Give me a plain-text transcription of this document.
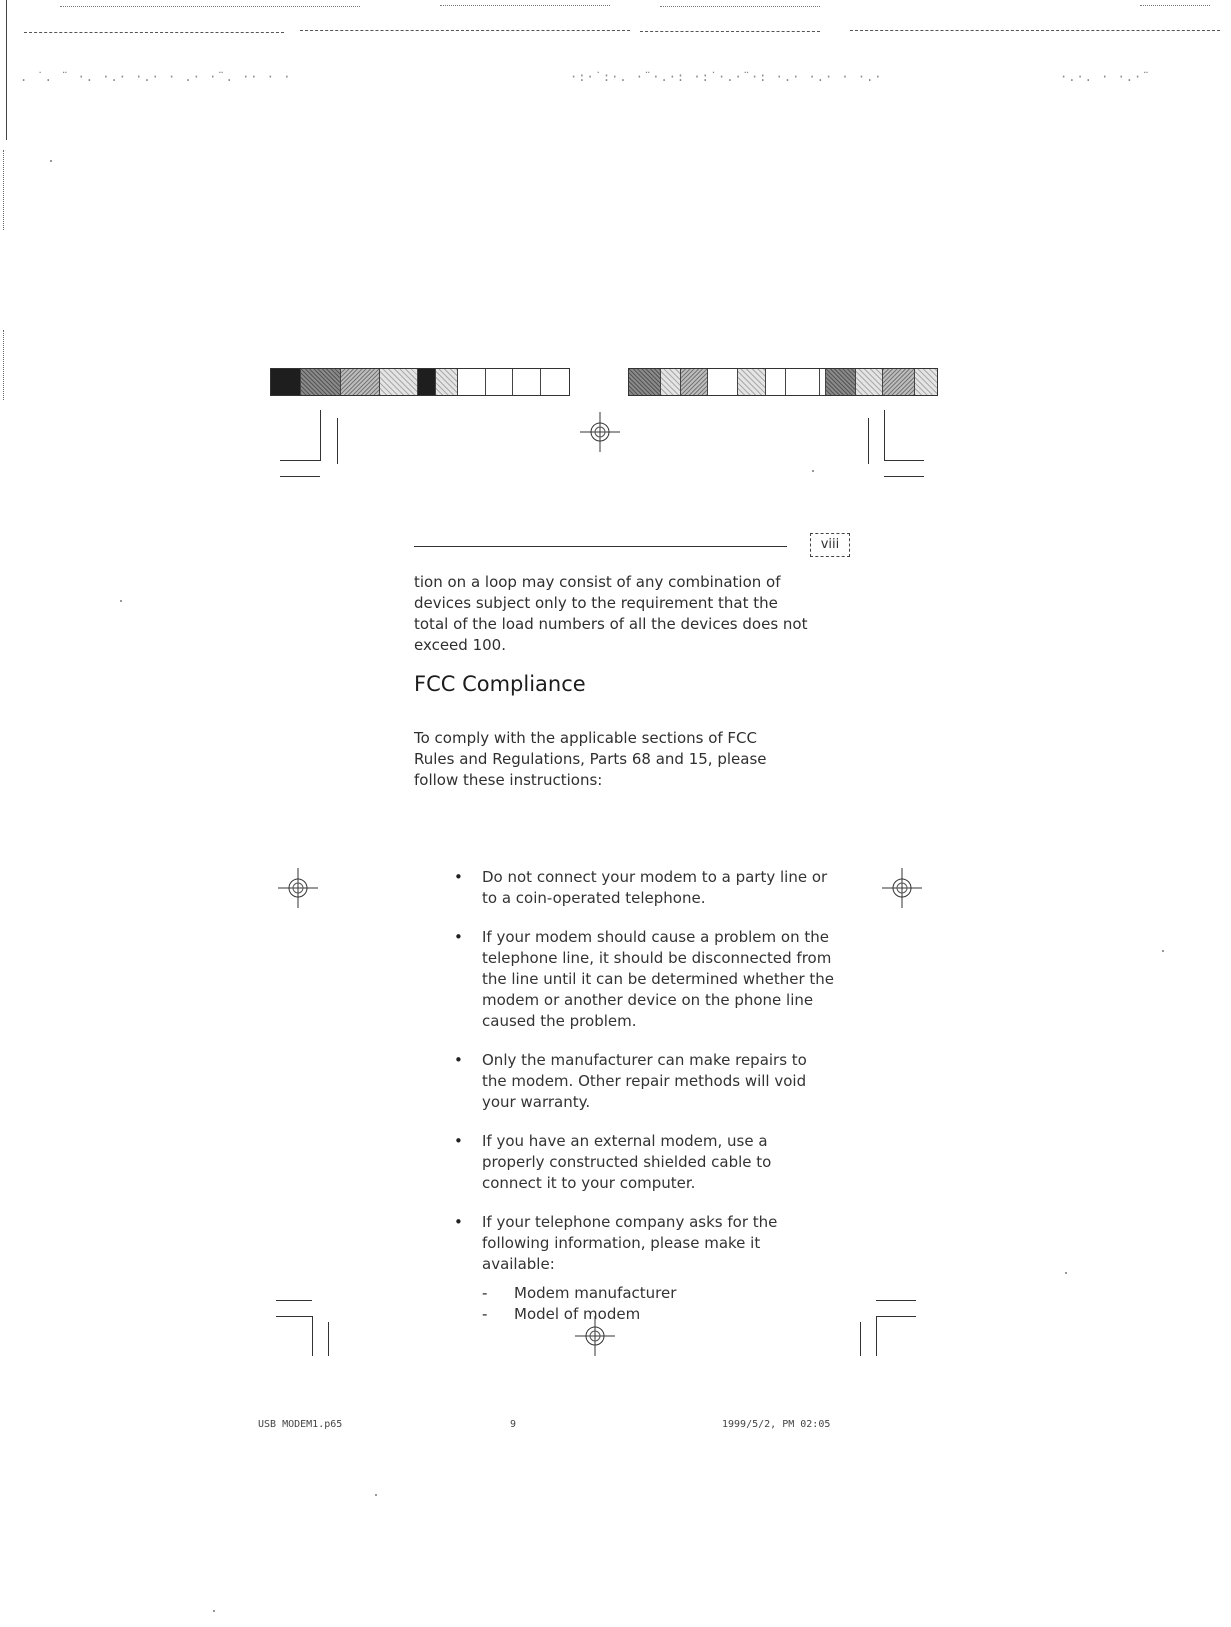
. ˙. ¨ ·. ·.· ·.· · .· ·¨. ·· · ·	·:·˙:·. ·¨·.·: ·:˙·.·¨·: ·.· ·.· · ·.·	·.·. · ·.·¨
viii

tion on a loop may consist of any combination of devices subject only to the requirement that the total of the load numbers of all the devices does not exceed 100.

FCC Compliance

To comply with the applicable sections of FCC Rules and Regulations, Parts 68 and 15, please follow these instructions:

• Do not connect your modem to a party line or to a coin-operated telephone.
• If your modem should cause a problem on the telephone line, it should be disconnected from the line until it can be determined whether the modem or another device on the phone line caused the problem.
• Only the manufacturer can make repairs to the modem. Other repair methods will void your warranty.
• If you have an external modem, use a properly constructed shielded cable to connect it to your computer.
• If your telephone company asks for the following information, please make it available:
- Modem manufacturer
- Model of modem
USB MODEM1.p65	9	1999/5/2, PM 02:05
